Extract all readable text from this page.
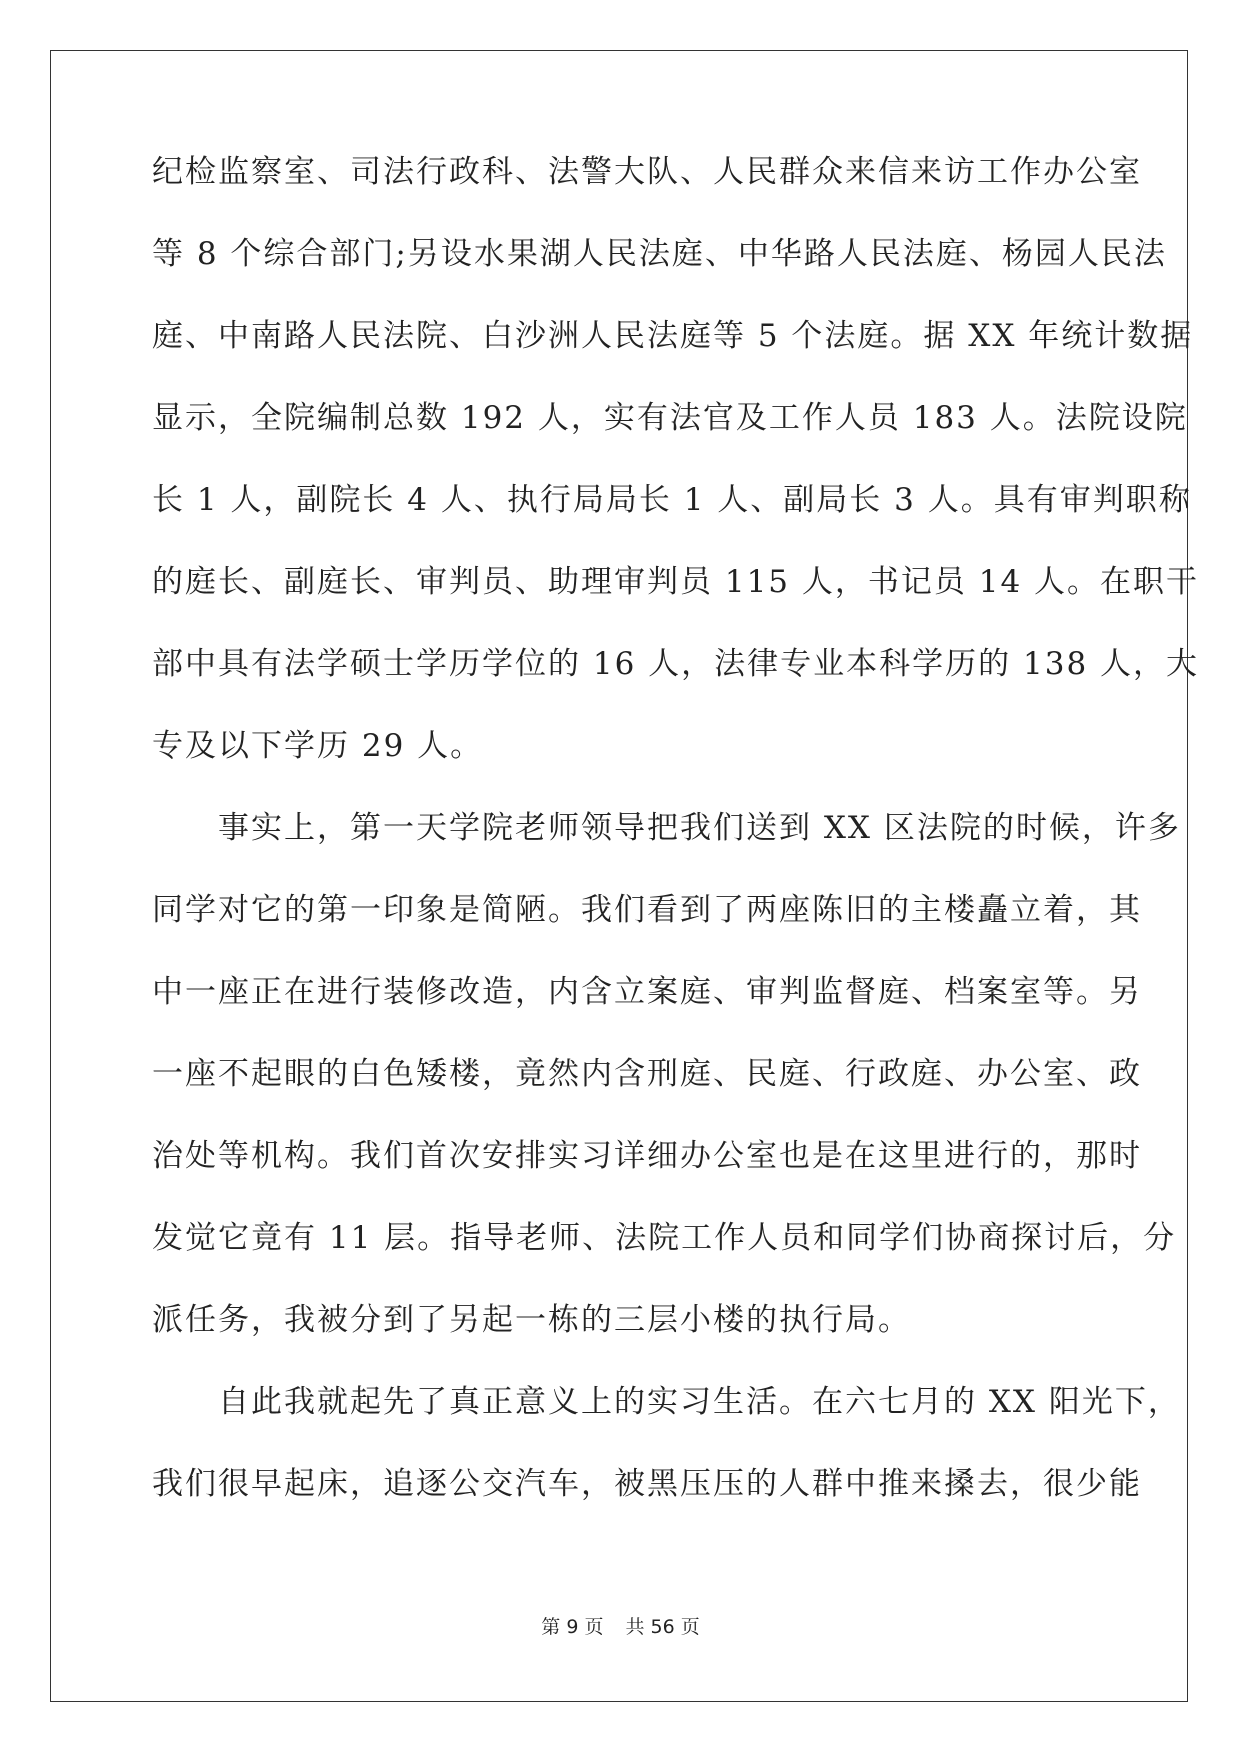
纪检监察室、司法行政科、法警大队、人民群众来信来访工作办公室
等 8 个综合部门;另设水果湖人民法庭、中华路人民法庭、杨园人民法
庭、中南路人民法院、白沙洲人民法庭等 5 个法庭。据 XX 年统计数据
显示，全院编制总数 192 人，实有法官及工作人员 183 人。法院设院
长 1 人，副院长 4 人、执行局局长 1 人、副局长 3 人。具有审判职称
的庭长、副庭长、审判员、助理审判员 115 人，书记员 14 人。在职干
部中具有法学硕士学历学位的 16 人，法律专业本科学历的 138 人，大
专及以下学历 29 人。
事实上，第一天学院老师领导把我们送到 XX 区法院的时候，许多
同学对它的第一印象是简陋。我们看到了两座陈旧的主楼矗立着，其
中一座正在进行装修改造，内含立案庭、审判监督庭、档案室等。另
一座不起眼的白色矮楼，竟然内含刑庭、民庭、行政庭、办公室、政
治处等机构。我们首次安排实习详细办公室也是在这里进行的，那时
发觉它竟有 11 层。指导老师、法院工作人员和同学们协商探讨后，分
派任务，我被分到了另起一栋的三层小楼的执行局。
自此我就起先了真正意义上的实习生活。在六七月的 XX 阳光下，
我们很早起床，追逐公交汽车，被黑压压的人群中推来搡去，很少能
第 9 页 共 56 页
